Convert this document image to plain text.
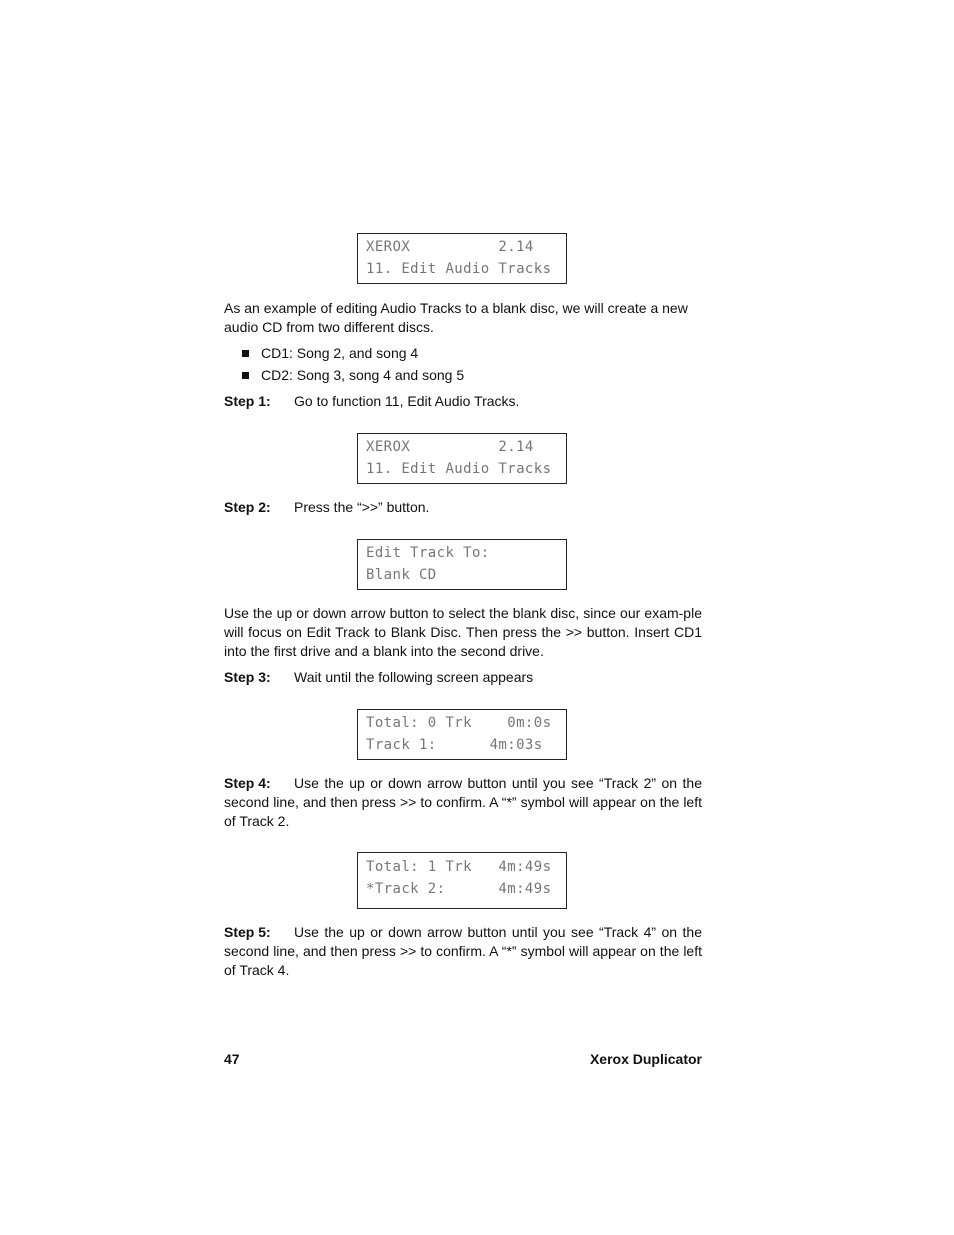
XEROX          2.14
11. Edit Audio Tracks
As an example of editing Audio Tracks to a blank disc, we will create a new audio CD from two different discs.
CD1: Song 2, and song 4
CD2: Song 3, song 4 and song 5
Step 1: Go to function 11, Edit Audio Tracks.
XEROX          2.14
11. Edit Audio Tracks
Step 2: Press the “>>” button.
Edit Track To:
Blank CD
Use the up or down arrow button to select the blank disc, since our exam-ple will focus on Edit Track to Blank Disc. Then press the >> button. Insert CD1 into the first drive and a blank into the second drive.
Step 3: Wait until the following screen appears
Total: 0 Trk    0m:0s
Track 1:      4m:03s
Step 4: Use the up or down arrow button until you see “Track 2” on the second line, and then press >> to confirm. A “*” symbol will appear on the left of Track 2.
Total: 1 Trk   4m:49s
*Track 2:      4m:49s
Step 5: Use the up or down arrow button until you see “Track 4” on the second line, and then press >> to confirm. A “*” symbol will appear on the left of Track 4.
47	Xerox Duplicator
